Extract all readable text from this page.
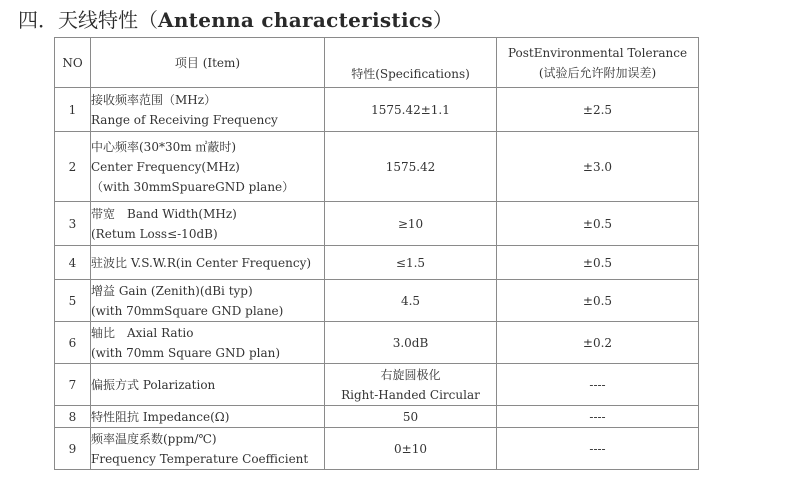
四．天线特性（Antenna characteristics）
NO	项目 (Item)	特性(Specifications)	PostEnvironmental Tolerance
(试验后允许附加误差)

1	接收频率范围（MHz）
Range of Receiving Frequency	1575.42±1.1	±2.5
2	中心频率(30*30m ㎡蔽时)
Center Frequency(MHz)
（with 30mmSpuareGND plane）	1575.42	±3.0
3	带宽　Band Width(MHz)
(Retum Loss≤-10dB)	≥10	±0.5
4	驻波比 V.S.W.R(in Center Frequency)	≤1.5	±0.5
5	增益 Gain (Zenith)(dBi typ)
(with 70mmSquare GND plane)	4.5	±0.5
6	轴比　Axial Ratio
(with 70mm Square GND plan)	3.0dB	±0.2
7	偏振方式 Polarization	右旋圆极化
Right-Handed Circular	----
8	特性阻抗 Impedance(Ω)	50	----
9	频率温度系数(ppm/℃)
Frequency Temperature Coefficient	0±10	----
